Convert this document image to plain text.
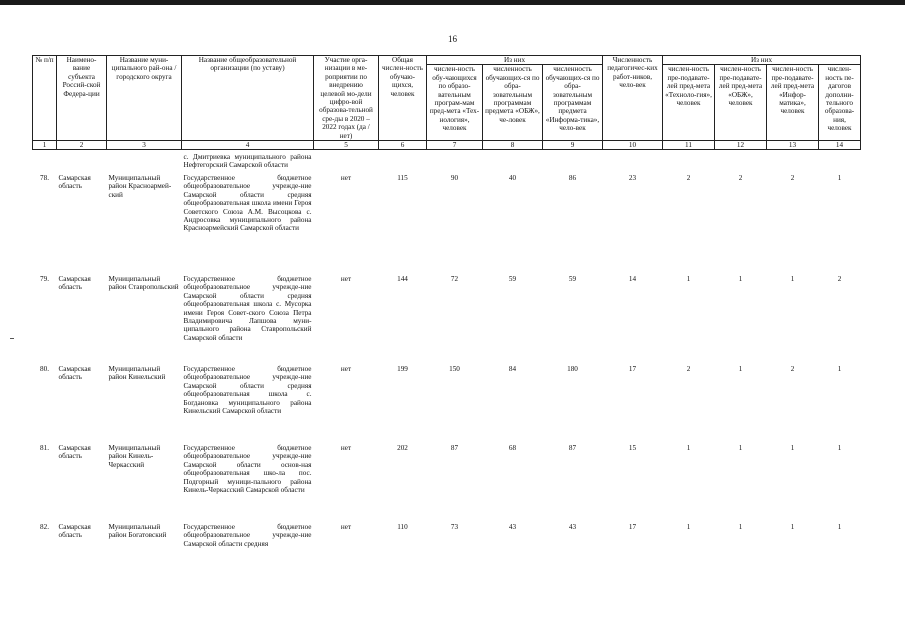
16
№ п/п	Наимено-вание субъекта Россий-ской Федера-ции	Название муни-ципального рай-она / городского округа	Название общеобразовательной организации (по уставу)	Участие орга-низации в ме-роприятии по внедрению целевой мо-дели цифро-вой образова-тельной сре-ды в 2020 – 2022 годах (да / нет)	Общая числен-ность обучаю-щихся, человек	Из них			Численность педагогичес-ких работ-ников, чело-век	Из них			
						числен-ность обу-чающихся по образо-вательным програм-мам пред-мета «Тех-нология», человек	численность обучающих-ся по обра-зовательным программам предмета «ОБЖ», че-ловек	численность обучающих-ся по обра-зовательным программам предмета «Информа-тика», чело-век		числен-ность пре-подавате-лей пред-мета «Техноло-гия», человек	числен-ность пре-подавате-лей пред-мета «ОБЖ», человек	числен-ность пре-подавате-лей пред-мета «Инфор-матика», человек	числен-ность пе-дагогов дополни-тельного образова-ния, человек
1	2	3	4	5	6	7	8	9	10	11	12	13	14
			с. Дмитриевка муниципального района Нефтегорский Самарской области										
78.	Самарская область	Муниципальный район Красноармей-ский	Государственное бюджетное общеобразовательное учрежде-ние Самарской области средняя общеобразовательная школа имени Героя Советского Союза А.М. Высоцкова с. Андросовка муниципального района Красноармейский Самарской области	нет	115	90	40	86	23	2	2	2	1
79.	Самарская область	Муниципальный район Ставропольский	Государственное бюджетное общеобразовательное учрежде-ние Самарской области средняя общеобразовательная школа с. Мусорка имени Героя Совет-ского Союза Петра Владимировича Лапшова муни-ципального района Ставропольский Самарской области	нет	144	72	59	59	14	1	1	1	2
80.	Самарская область	Муниципальный район Кинельский	Государственное бюджетное общеобразовательное учрежде-ние Самарской области средняя общеобразовательная школа с. Богдановка муниципального района Кинельский Самарской области	нет	199	150	84	180	17	2	1	2	1
81.	Самарская область	Муниципальный район Кинель-Черкасский	Государственное бюджетное общеобразовательное учрежде-ние Самарской области основ-ная общеобразовательная шко-ла пос. Подгорный муници-пального района Кинель-Черкасский Самарской области	нет	202	87	68	87	15	1	1	1	1
82.	Самарская область	Муниципальный район Богатовский	Государственное бюджетное общеобразовательное учрежде-ние Самарской области средняя	нет	110	73	43	43	17	1	1	1	1
